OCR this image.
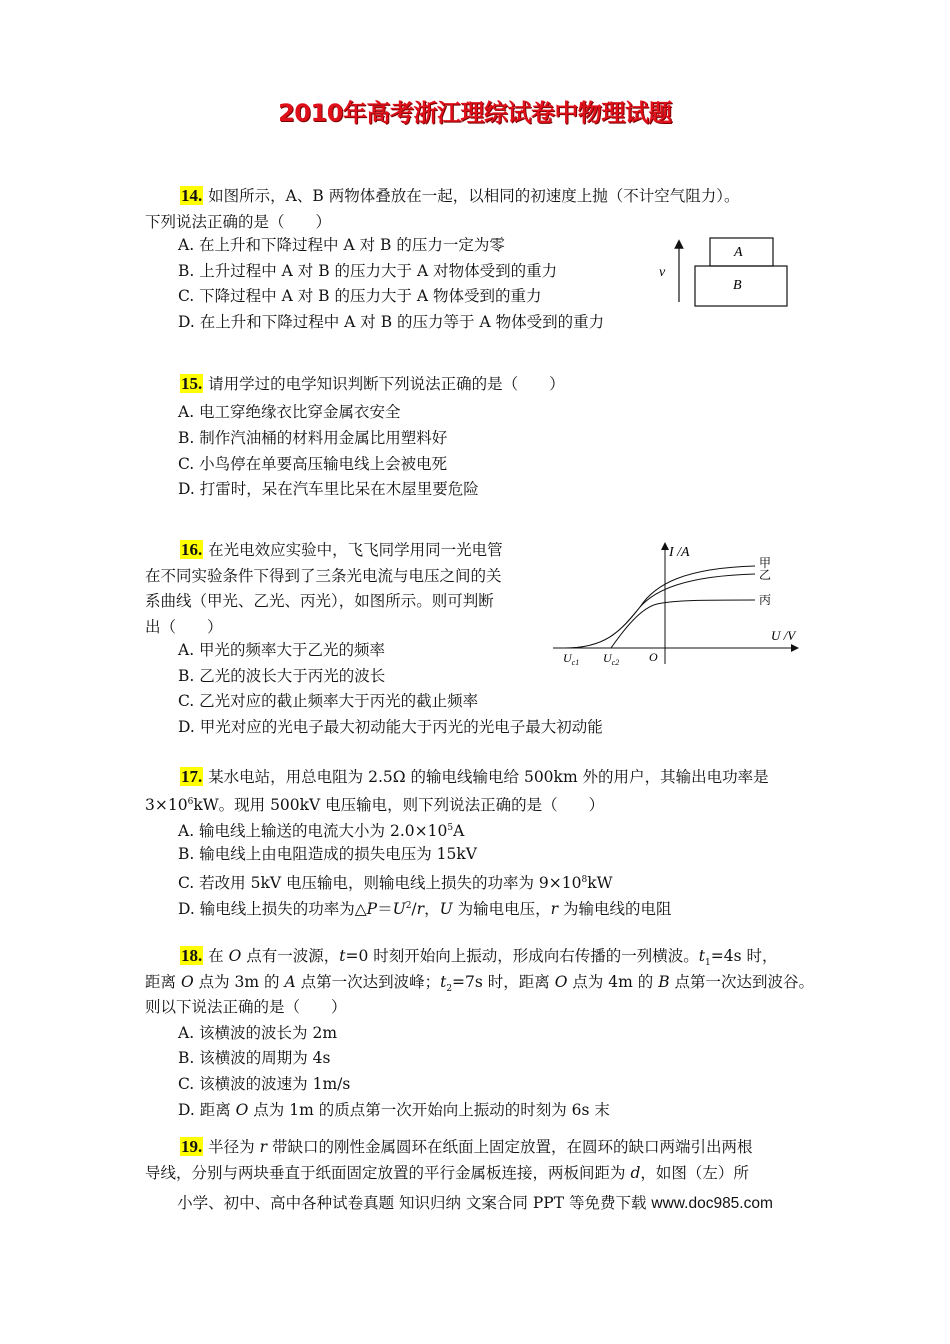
2010年高考浙江理综试卷中物理试题
14. 如图所示，A、B 两物体叠放在一起，以相同的初速度上抛（不计空气阻力）。
下列说法正确的是（　　）
A. 在上升和下降过程中 A 对 B 的压力一定为零
B. 上升过程中 A 对 B 的压力大于 A 对物体受到的重力
C. 下降过程中 A 对 B 的压力大于 A 物体受到的重力
D. 在上升和下降过程中 A 对 B 的压力等于 A 物体受到的重力
v
A
B
15. 请用学过的电学知识判断下列说法正确的是（　　）
A. 电工穿绝缘衣比穿金属衣安全
B. 制作汽油桶的材料用金属比用塑料好
C. 小鸟停在单要高压输电线上会被电死
D. 打雷时，呆在汽车里比呆在木屋里要危险
16. 在光电效应实验中，飞飞同学用同一光电管
在不同实验条件下得到了三条光电流与电压之间的关
系曲线（甲光、乙光、丙光），如图所示。则可判断
出（　　）
A. 甲光的频率大于乙光的频率
B. 乙光的波长大于丙光的波长
C. 乙光对应的截止频率大于丙光的截止频率
D. 甲光对应的光电子最大初动能大于丙光的光电子最大初动能
I /A
U /V
甲
乙
丙
$U_{c1}$ $U_{c2}$ O
17. 某水电站，用总电阻为 2.5Ω 的输电线输电给 500km 外的用户，其输出电功率是
$3\times 10^6kW$。现用 500kV 电压输电，则下列说法正确的是（　　）
A. 输电线上输送的电流大小为 $2.0\times 10^5A$
B. 输电线上由电阻造成的损失电压为 15kV
C. 若改用 5kV 电压输电，则输电线上损失的功率为 $9\times 10^8kW$
D. 输电线上损失的功率为$\triangle P=U^2/r$，U 为输电电压，r 为输电线的电阻
18. 在 O 点有一波源，t=0 时刻开始向上振动，形成向右传播的一列横波。$t_1=4s$ 时，
距离 O 点为 3m 的 A 点第一次达到波峰；$t_2=7s$ 时，距离 O 点为 4m 的 B 点第一次达到波谷。
则以下说法正确的是（　　）
A. 该横波的波长为 2m
B. 该横波的周期为 4s
C. 该横波的波速为 1m/s
D. 距离 O 点为 1m 的质点第一次开始向上振动的时刻为 6s 末
19. 半径为 r 带缺口的刚性金属圆环在纸面上固定放置，在圆环的缺口两端引出两根
导线，分别与两块垂直于纸面固定放置的平行金属板连接，两板间距为 d，如图（左）所
小学、初中、高中各种试卷真题 知识归纳 文案合同 PPT 等免费下载 www.doc985.com
